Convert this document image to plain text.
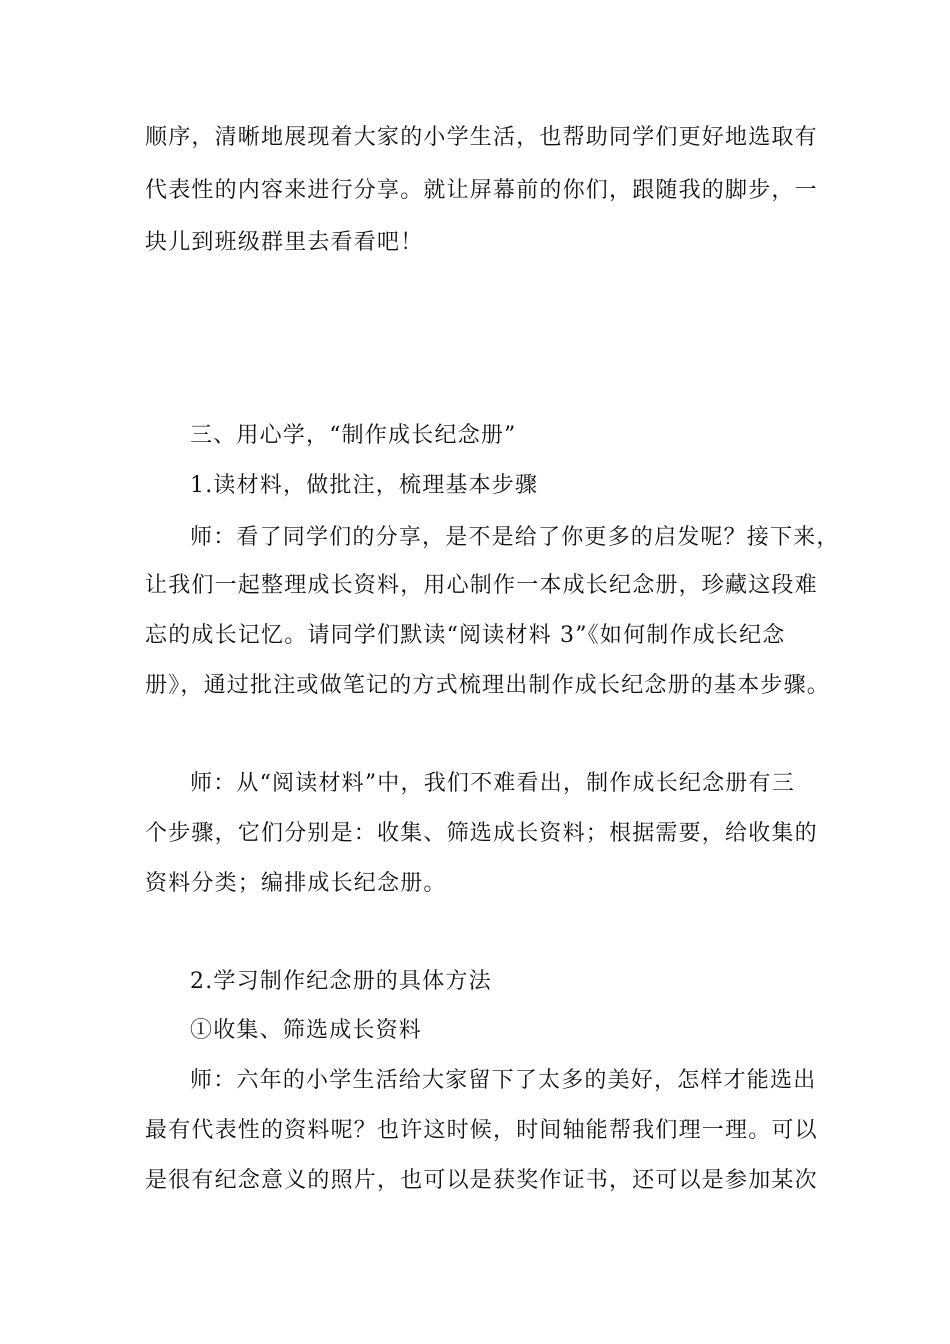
顺序，清晰地展现着大家的小学生活，也帮助同学们更好地选取有
代表性的内容来进行分享。就让屏幕前的你们，跟随我的脚步，一
块儿到班级群里去看看吧！
三、用心学，“制作成长纪念册”
1.读材料，做批注，梳理基本步骤
师：看了同学们的分享，是不是给了你更多的启发呢？接下来，
让我们一起整理成长资料，用心制作一本成长纪念册，珍藏这段难
忘的成长记忆。请同学们默读“阅读材料 3”《如何制作成长纪念
册》，通过批注或做笔记的方式梳理出制作成长纪念册的基本步骤。
师：从“阅读材料”中，我们不难看出，制作成长纪念册有三
个步骤，它们分别是：收集、筛选成长资料；根据需要，给收集的
资料分类；编排成长纪念册。
2.学习制作纪念册的具体方法
①收集、筛选成长资料
师：六年的小学生活给大家留下了太多的美好，怎样才能选出
最有代表性的资料呢？也许这时候，时间轴能帮我们理一理。可以
是很有纪念意义的照片，也可以是获奖作证书，还可以是参加某次
